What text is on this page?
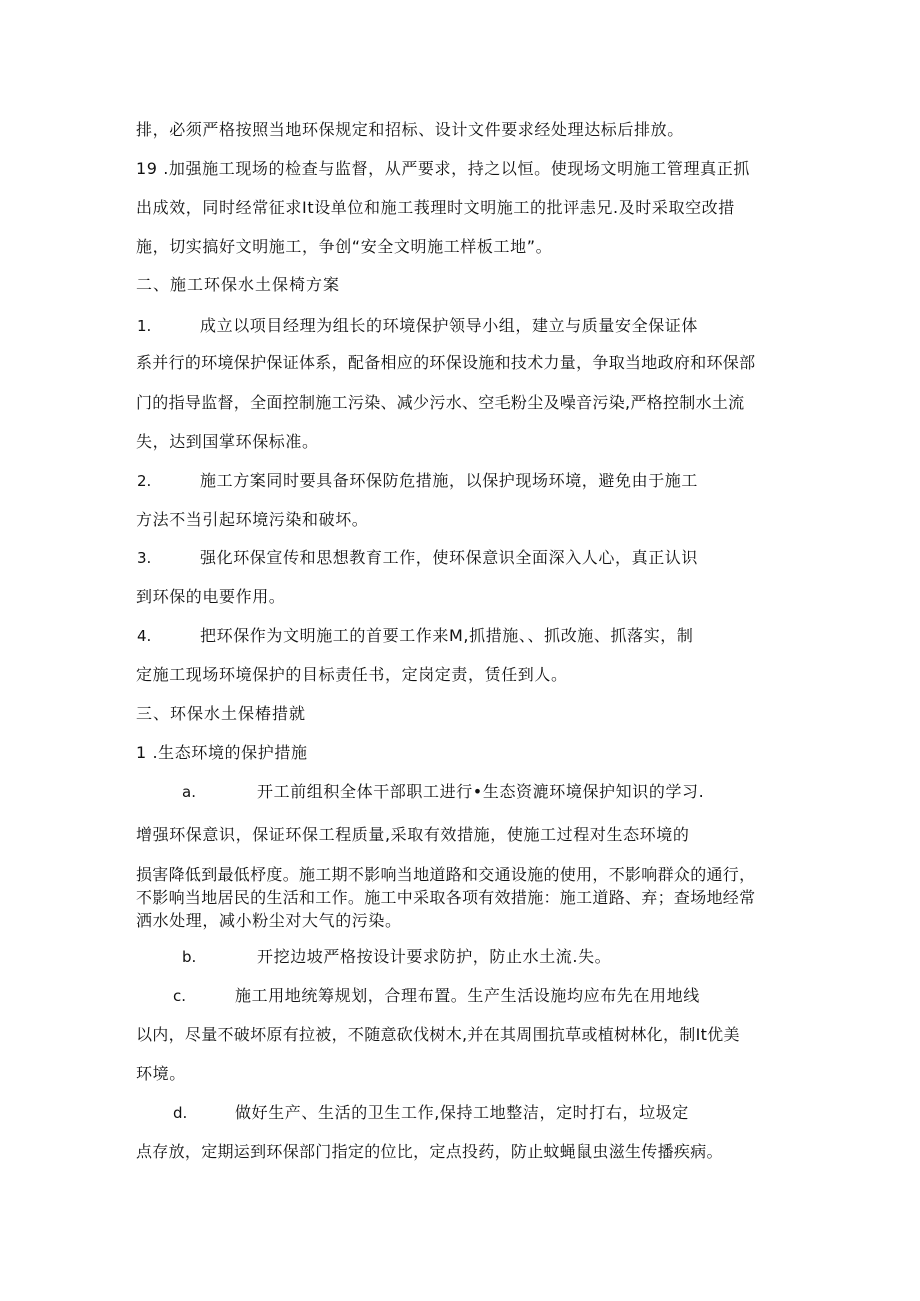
排，必须严格按照当地环保规定和招标、设计文件要求经处理达标后排放。
19 .加强施工现场的检查与监督，从严要求，持之以恒。使现场文明施工管理真正抓
出成效，同时经常征求It设单位和施工莪理时文明施工的批评恚兄.及时采取空改措
施，切实搞好文明施工，争创“安全文明施工样板工地”。
二、施工环保水土保椅方案
1.	成立以项目经理为组长的环境保护领导小组，建立与质量安全保证体
系并行的环境保护保证体系，配备相应的环保设施和技术力量，争取当地政府和环保部
门的指导监督，全面控制施工污染、减少污水、空毛粉尘及噪音污染,严格控制水土流
失，达到国掌环保标准。
2.	施工方案同时要具备环保防危措施，以保护现场环境，避免由于施工
方法不当引起环境污染和破坏。
3.	强化环保宣传和思想教育工作，使环保意识全面深入人心，真正认识
到环保的电要作用。
4.	把环保作为文明施工的首要工作来M,抓措施、、抓改施、抓落实，制
定施工现场环境保护的目标责任书，定岗定责，赁任到人。
三、环保水土保椿措就
1 .生态环境的保护措施
a.	开工前组积全体干部职工进行•生态资漉环境保护知识的学习.
增强环保意识，保证环保工程质量,采取有效措施，使施工过程对生态环境的
损害降低到最低杼度。施工期不影响当地道路和交通设施的使用，不影响群众的通行，
不影响当地居民的生活和工作。施工中采取各项有效措施：施工道路、弃；查场地经常
洒水处理，减小粉尘对大气的污染。
b.	开挖边坡严格按设计要求防护，防止水土流.失。
c.	施工用地统筹规划，合理布置。生产生活设施均应布先在用地线
以内，尽量不破坏原有拉被，不随意砍伐树木,并在其周围抗草或植树林化，制It优美
环境。
d.	做好生产、生活的卫生工作,保持工地整洁，定时打右，垃圾定
点存放，定期运到环保部门指定的位比，定点投药，防止蚊蝇鼠虫滋生传播疾病。
